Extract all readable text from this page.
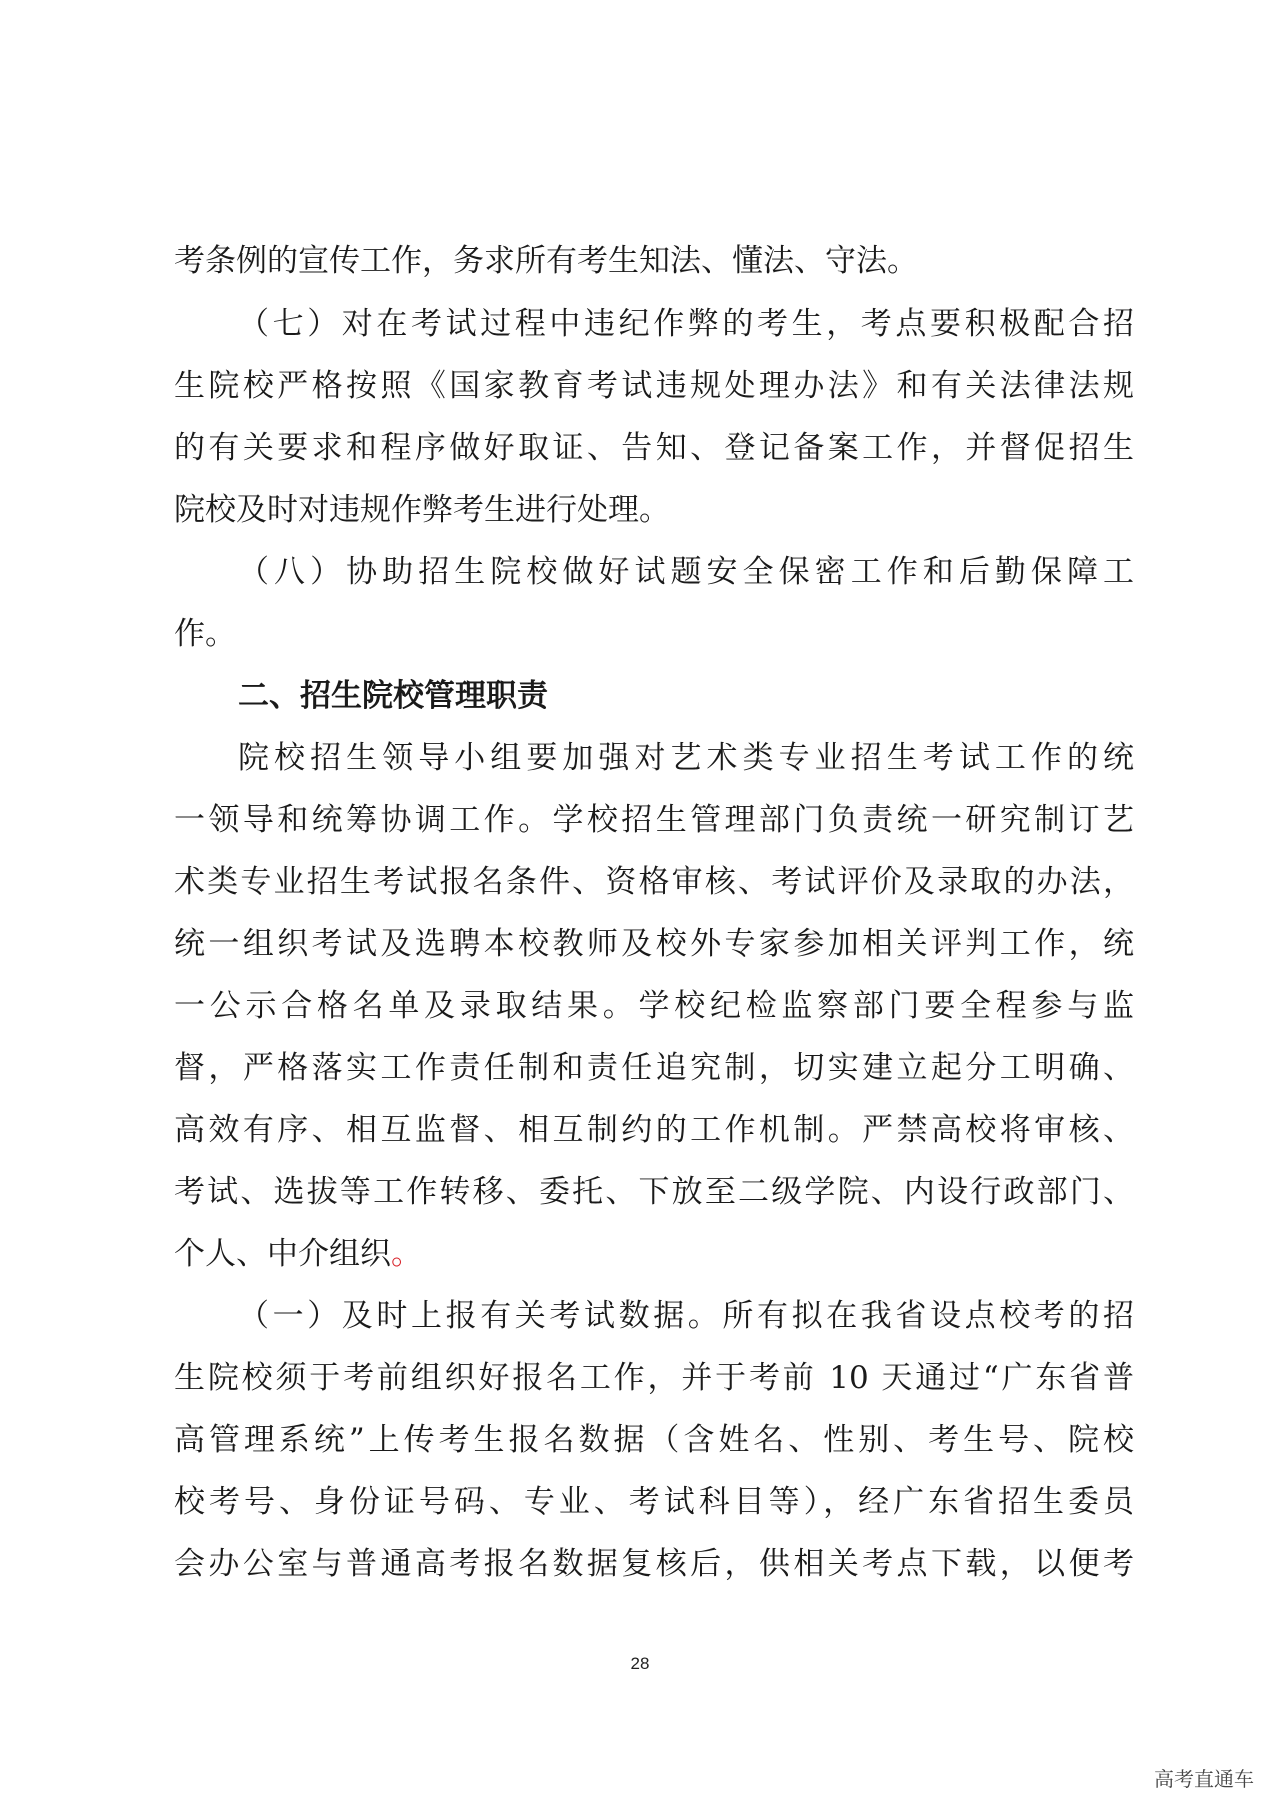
考条例的宣传工作，务求所有考生知法、懂法、守法。
（七）对在考试过程中违纪作弊的考生，考点要积极配合招
生院校严格按照《国家教育考试违规处理办法》和有关法律法规
的有关要求和程序做好取证、告知、登记备案工作，并督促招生
院校及时对违规作弊考生进行处理。
（八）协助招生院校做好试题安全保密工作和后勤保障工
作。
二、招生院校管理职责
院校招生领导小组要加强对艺术类专业招生考试工作的统
一领导和统筹协调工作。学校招生管理部门负责统一研究制订艺
术类专业招生考试报名条件、资格审核、考试评价及录取的办法，
统一组织考试及选聘本校教师及校外专家参加相关评判工作，统
一公示合格名单及录取结果。学校纪检监察部门要全程参与监
督，严格落实工作责任制和责任追究制，切实建立起分工明确、
高效有序、相互监督、相互制约的工作机制。严禁高校将审核、
考试、选拔等工作转移、委托、下放至二级学院、内设行政部门、
个人、中介组织。
（一）及时上报有关考试数据。所有拟在我省设点校考的招
生院校须于考前组织好报名工作，并于考前 10 天通过“广东省普
高管理系统”上传考生报名数据（含姓名、性别、考生号、院校
校考号、身份证号码、专业、考试科目等），经广东省招生委员
会办公室与普通高考报名数据复核后，供相关考点下载，以便考
28
高考直通车
